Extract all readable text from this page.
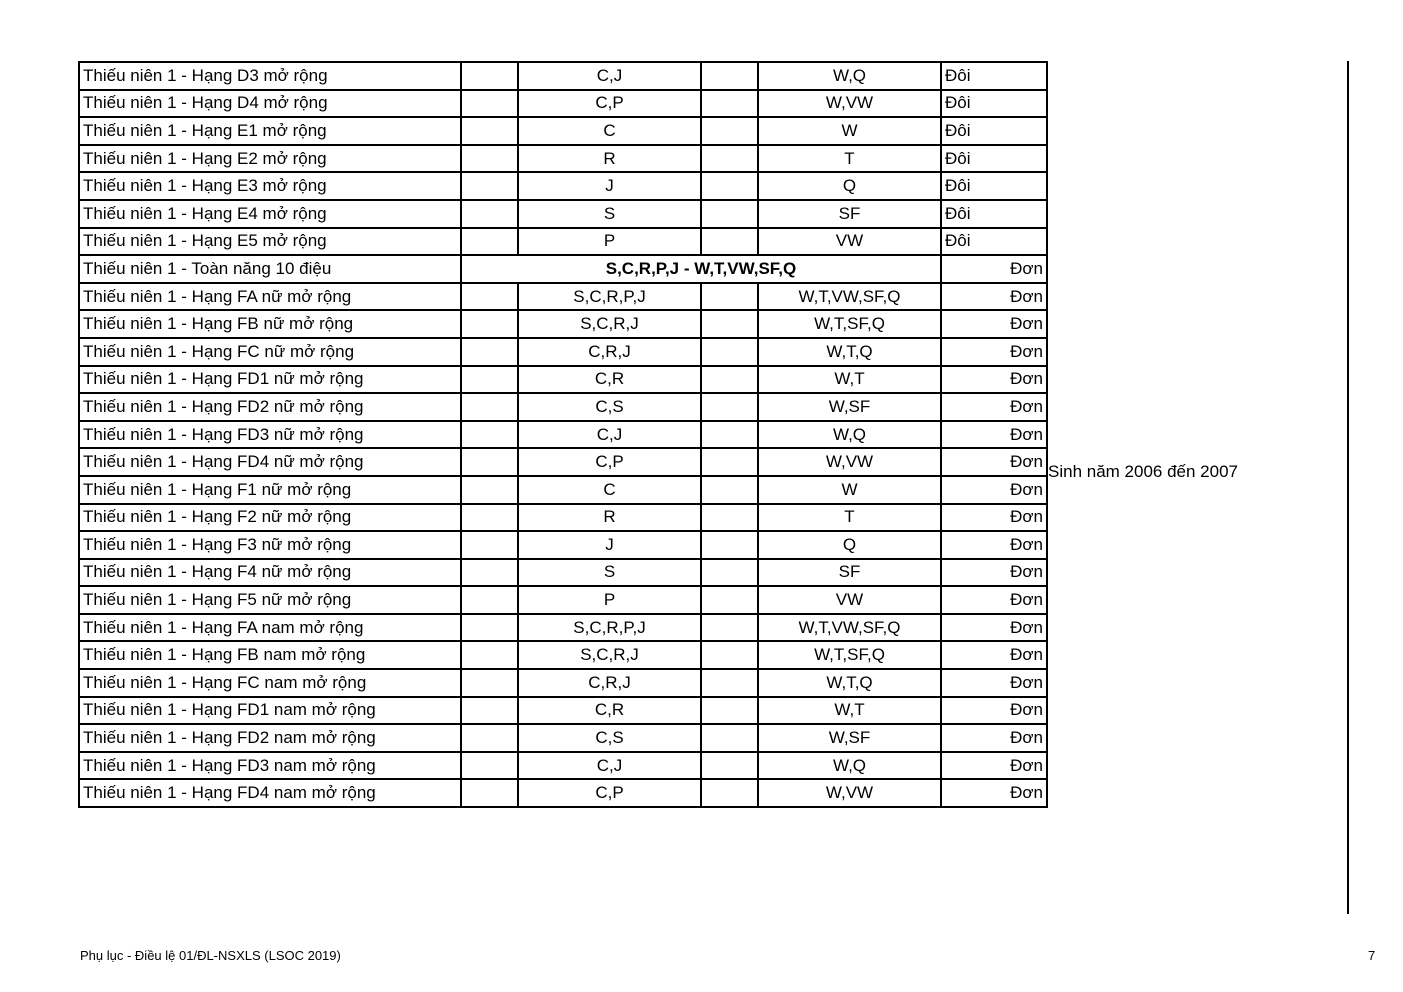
Thiếu niên 1 - Hạng D3 mở rộng		C,J		W,Q	Đôi
Thiếu niên 1 - Hạng D4 mở rộng		C,P		W,VW	Đôi
Thiếu niên 1 - Hạng E1 mở rộng		C		W	Đôi
Thiếu niên 1 - Hạng E2 mở rộng		R		T	Đôi
Thiếu niên 1 - Hạng E3 mở rộng		J		Q	Đôi
Thiếu niên 1 - Hạng E4 mở rộng		S		SF	Đôi
Thiếu niên 1 - Hạng E5 mở rộng		P		VW	Đôi
Thiếu niên 1 - Toàn năng 10 điệu	S,C,R,P,J - W,T,VW,SF,Q				Đơn
Thiếu niên 1 - Hạng FA nữ mở rộng		S,C,R,P,J		W,T,VW,SF,Q	Đơn
Thiếu niên 1 - Hạng FB nữ mở rộng		S,C,R,J		W,T,SF,Q	Đơn
Thiếu niên 1 - Hạng FC nữ mở rộng		C,R,J		W,T,Q	Đơn
Thiếu niên 1 - Hạng FD1 nữ mở rộng		C,R		W,T	Đơn
Thiếu niên 1 - Hạng FD2 nữ mở rộng		C,S		W,SF	Đơn
Thiếu niên 1 - Hạng FD3 nữ mở rộng		C,J		W,Q	Đơn
Thiếu niên 1 - Hạng FD4 nữ mở rộng		C,P		W,VW	Đơn
Thiếu niên 1 - Hạng F1 nữ mở rộng		C		W	Đơn
Thiếu niên 1 - Hạng F2 nữ mở rộng		R		T	Đơn
Thiếu niên 1 - Hạng F3 nữ mở rộng		J		Q	Đơn
Thiếu niên 1 - Hạng F4 nữ mở rộng		S		SF	Đơn
Thiếu niên 1 - Hạng F5 nữ mở rộng		P		VW	Đơn
Thiếu niên 1 - Hạng FA nam mở rộng		S,C,R,P,J		W,T,VW,SF,Q	Đơn
Thiếu niên 1 - Hạng FB nam mở rộng		S,C,R,J		W,T,SF,Q	Đơn
Thiếu niên 1 - Hạng FC nam mở rộng		C,R,J		W,T,Q	Đơn
Thiếu niên 1 - Hạng FD1 nam mở rộng		C,R		W,T	Đơn
Thiếu niên 1 - Hạng FD2 nam mở rộng		C,S		W,SF	Đơn
Thiếu niên 1 - Hạng FD3 nam mở rộng		C,J		W,Q	Đơn
Thiếu niên 1 - Hạng FD4 nam mở rộng		C,P		W,VW	Đơn
Sinh năm 2006 đến 2007
Phụ lục - Điều lệ 01/ĐL-NSXLS (LSOC 2019)	7
